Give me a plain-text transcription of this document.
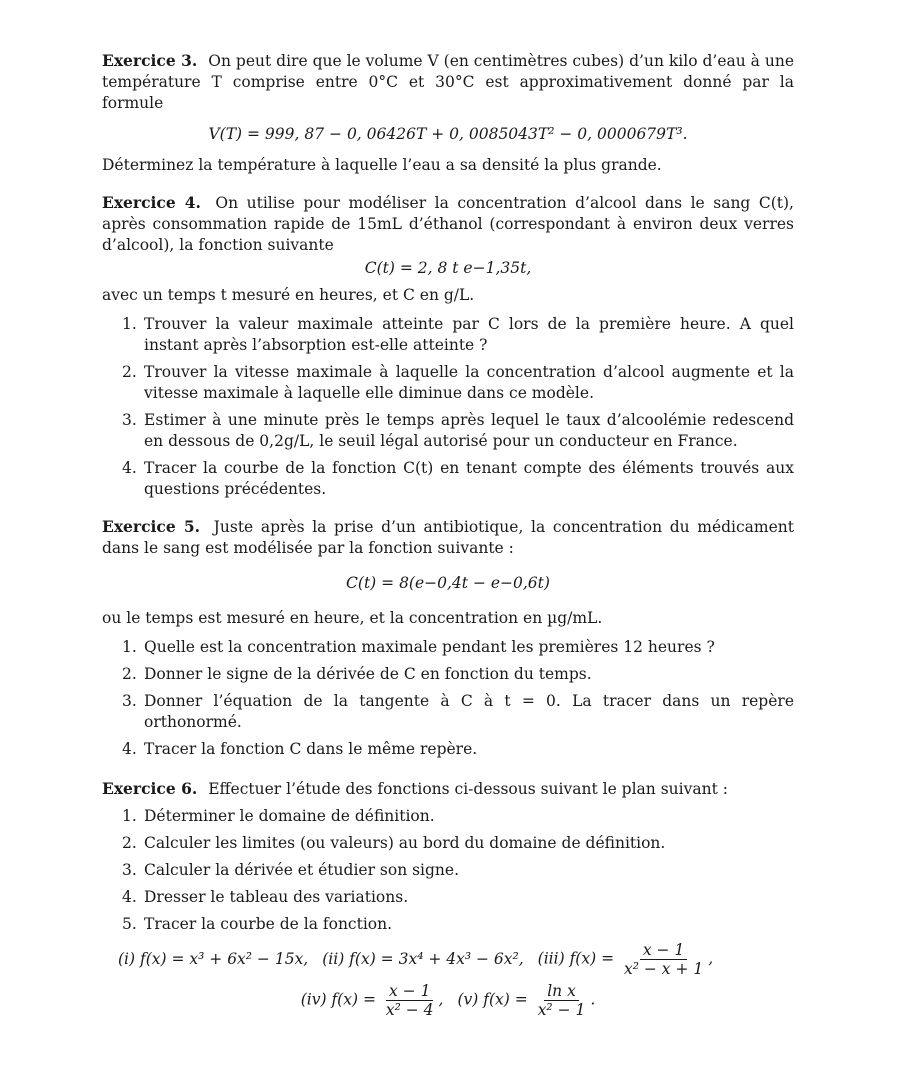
Exercice 3. On peut dire que le volume V (en centimètres cubes) d’un kilo d’eau à une température T comprise entre 0°C et 30°C est approximativement donné par la formule

V(T) = 999, 87 − 0, 06426T + 0, 0085043T² − 0, 0000679T³.

Déterminez la température à laquelle l’eau a sa densité la plus grande.

Exercice 4. On utilise pour modéliser la concentration d’alcool dans le sang C(t), après consommation rapide de 15mL d’éthanol (correspondant à environ deux verres d’alcool), la fonction suivante

C(t) = 2, 8 t e−1,35t,

avec un temps t mesuré en heures, et C en g/L.

1. Trouver la valeur maximale atteinte par C lors de la première heure. A quel instant après l’absorption est-elle atteinte ?
2. Trouver la vitesse maximale à laquelle la concentration d’alcool augmente et la vitesse maximale à laquelle elle diminue dans ce modèle.
3. Estimer à une minute près le temps après lequel le taux d’alcoolémie redescend en dessous de 0,2g/L, le seuil légal autorisé pour un conducteur en France.
4. Tracer la courbe de la fonction C(t) en tenant compte des éléments trouvés aux questions précédentes.

Exercice 5. Juste après la prise d’un antibiotique, la concentration du médicament dans le sang est modélisée par la fonction suivante :

C(t) = 8(e−0,4t − e−0,6t)

ou le temps est mesuré en heure, et la concentration en µg/mL.

1. Quelle est la concentration maximale pendant les premières 12 heures ?
2. Donner le signe de la dérivée de C en fonction du temps.
3. Donner l’équation de la tangente à C à t = 0. La tracer dans un repère orthonormé.
4. Tracer la fonction C dans le même repère.

Exercice 6. Effectuer l’étude des fonctions ci-dessous suivant le plan suivant :

1. Déterminer le domaine de définition.
2. Calculer les limites (ou valeurs) au bord du domaine de définition.
3. Calculer la dérivée et étudier son signe.
4. Dresser le tableau des variations.
5. Tracer la courbe de la fonction.
(i) f(x) = x³ + 6x² − 15x, (ii) f(x) = 3x⁴ + 4x³ − 6x², (iii) $f(x) = \frac{x - 1}{\text{x² − x + 1}}$ ,
(iv) $f(x) = \frac{x - 1}{\text{x² − 4}}$ , (v) $f(x) = \frac{\text{ln x}}{\text{x² − 1}}$ .
